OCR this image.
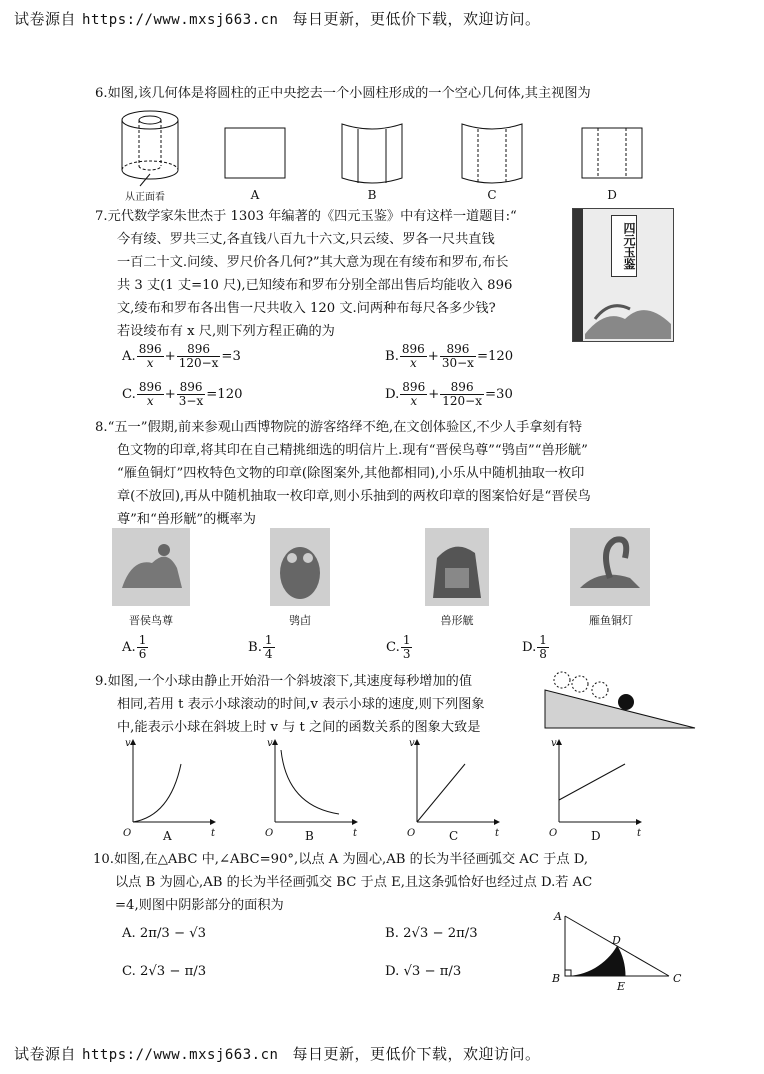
试卷源自 https://www.mxsj663.cn 每日更新，更低价下载，欢迎访问。
6.如图,该几何体是将圆柱的正中央挖去一个小圆柱形成的一个空心几何体,其主视图为
从正面看	A	B	C	D
7.元代数学家朱世杰于 1303 年编著的《四元玉鉴》中有这样一道题目:“
今有绫、罗共三丈,各直钱八百九十六文,只云绫、罗各一尺共直钱
一百二十文.问绫、罗尺价各几何?”其大意为现在有绫布和罗布,布长
共 3 丈(1 丈=10 尺),已知绫布和罗布分别全部出售后均能收入 896
文,绫布和罗布各出售一尺共收入 120 文.问两种布每尺各多少钱?
若设绫布有 x 尺,则下列方程正确的为
四元玉鉴
A. $\frac{896}{x} + \frac{896}{120-x} =3$	B. $\frac{896}{x} + \frac{896}{30-x} =120$
C. $\frac{896}{x} + \frac{896}{3-x} =120$	D. $\frac{896}{x} + \frac{896}{120-x} =30$
8.“五一”假期,前来参观山西博物院的游客络绎不绝,在文创体验区,不少人手拿刻有特
色文物的印章,将其印在自己精挑细选的明信片上.现有“晋侯鸟尊”“鸮卣”“兽形觥”
“雁鱼铜灯”四枚特色文物的印章(除图案外,其他都相同),小乐从中随机抽取一枚印
章(不放回),再从中随机抽取一枚印章,则小乐抽到的两枚印章的图案恰好是“晋侯鸟
尊”和“兽形觥”的概率为
晋侯鸟尊	鸮卣	兽形觥	雁鱼铜灯
A. $\frac{1}{6}$	B. $\frac{1}{4}$	C. $\frac{1}{3}$	D. $\frac{1}{8}$
9.如图,一个小球由静止开始沿一个斜坡滚下,其速度每秒增加的值
相同,若用 t 表示小球滚动的时间,v 表示小球的速度,则下列图象
中,能表示小球在斜坡上时 v 与 t 之间的函数关系的图象大致是
v
t
O
v
t
O
v
t
O
v
t
O
A	B	C	D
10.如图,在△ABC 中,∠ABC=90°,以点 A 为圆心,AB 的长为半径画弧交 AC 于点 D,
以点 B 为圆心,AB 的长为半径画弧交 BC 于点 E,且这条弧恰好也经过点 D.若 AC
=4,则图中阴影部分的面积为
A. 2π/3 − √3	B. 2√3 − 2π/3
C. 2√3 − π/3	D. √3 − π/3
A
B	C
D
E
试卷源自 https://www.mxsj663.cn 每日更新，更低价下载，欢迎访问。
